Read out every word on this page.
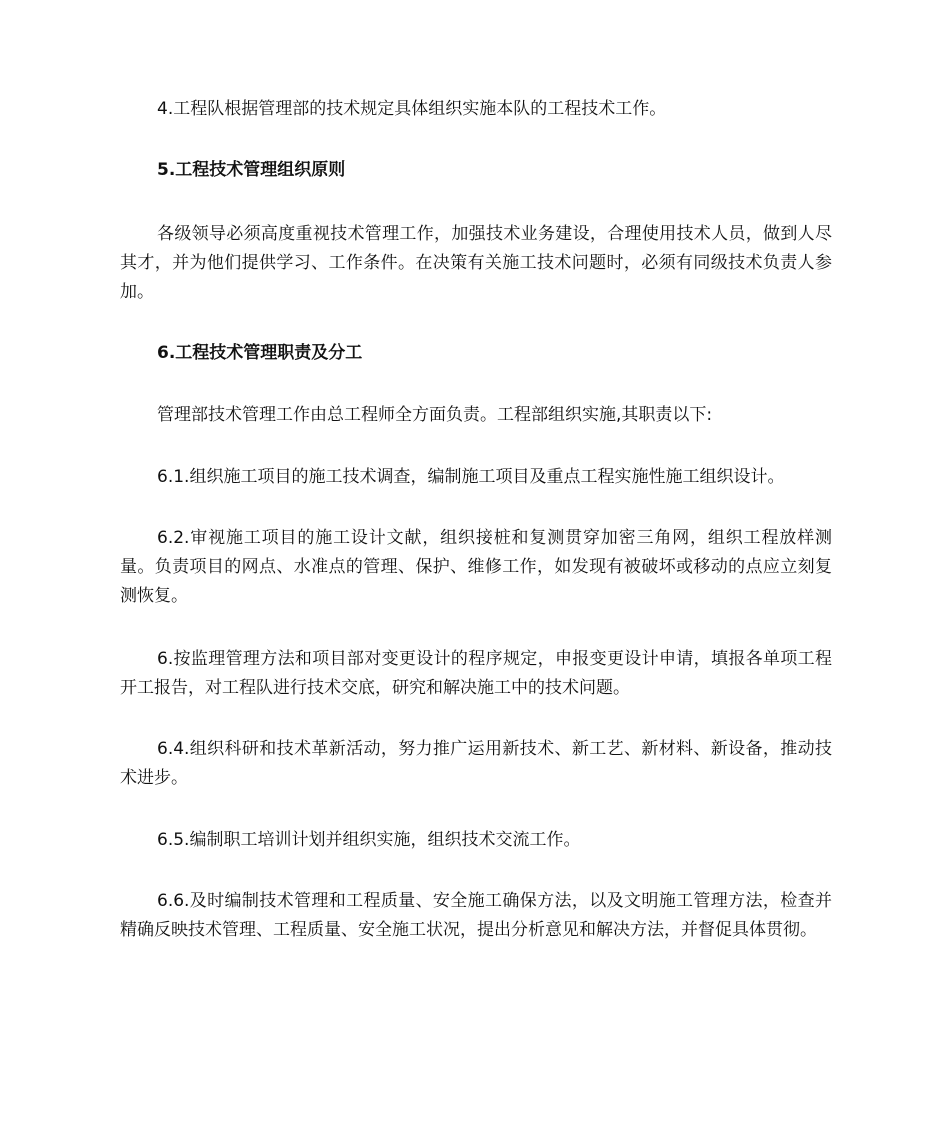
4.工程队根据管理部的技术规定具体组织实施本队的工程技术工作。

5.工程技术管理组织原则

各级领导必须高度重视技术管理工作，加强技术业务建设，合理使用技术人员，做到人尽其才，并为他们提供学习、工作条件。在决策有关施工技术问题时，必须有同级技术负责人参加。

6.工程技术管理职责及分工

管理部技术管理工作由总工程师全方面负责。工程部组织实施,其职责以下:

6.1.组织施工项目的施工技术调查，编制施工项目及重点工程实施性施工组织设计。

6.2.审视施工项目的施工设计文献，组织接桩和复测贯穿加密三角网，组织工程放样测量。负责项目的网点、水准点的管理、保护、维修工作，如发现有被破坏或移动的点应立刻复测恢复。

6.按监理管理方法和项目部对变更设计的程序规定，申报变更设计申请，填报各单项工程开工报告，对工程队进行技术交底，研究和解决施工中的技术问题。

6.4.组织科研和技术革新活动，努力推广运用新技术、新工艺、新材料、新设备，推动技术进步。

6.5.编制职工培训计划并组织实施，组织技术交流工作。

6.6.及时编制技术管理和工程质量、安全施工确保方法，以及文明施工管理方法，检查并精确反映技术管理、工程质量、安全施工状况，提出分析意见和解决方法，并督促具体贯彻。
